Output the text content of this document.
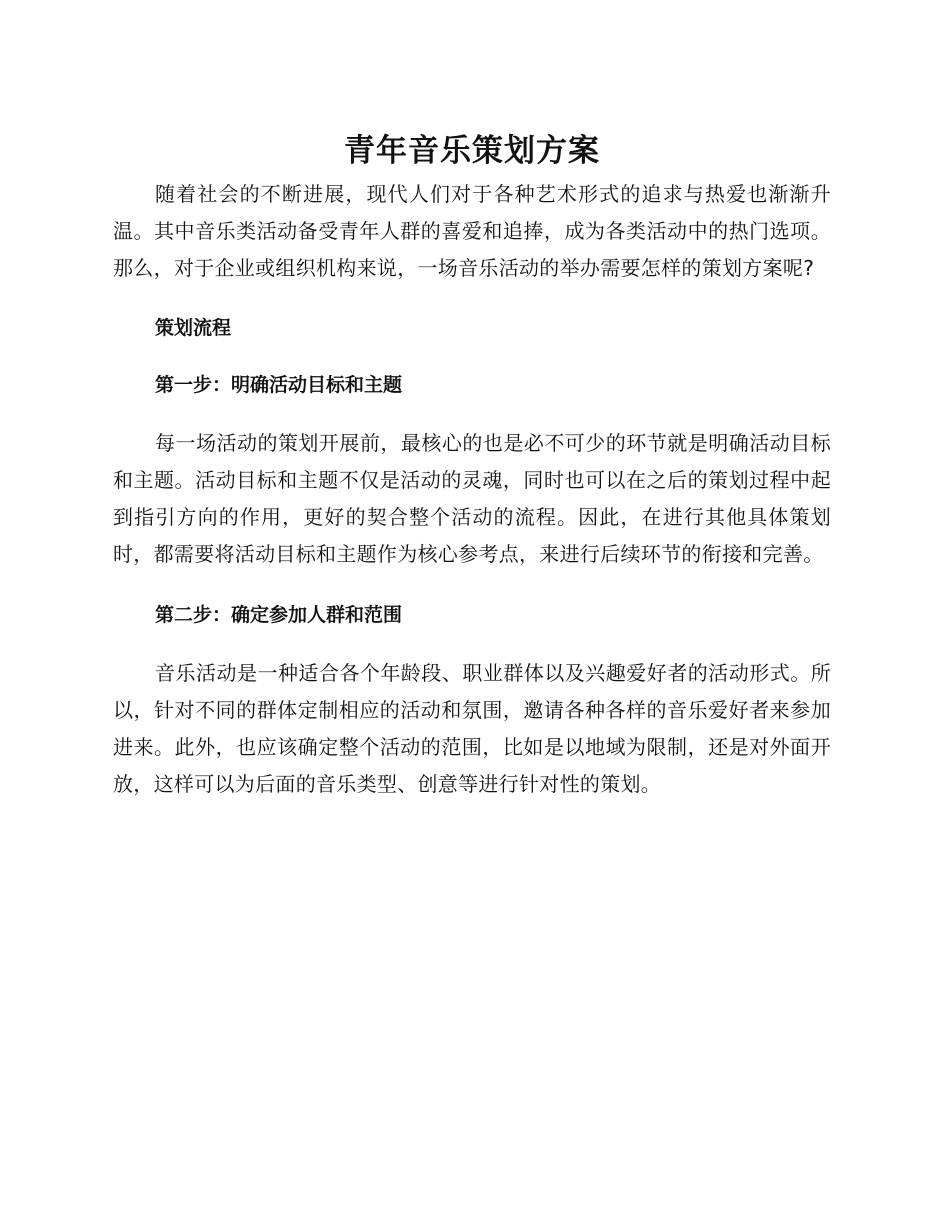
青年音乐策划方案

随着社会的不断进展，现代人们对于各种艺术形式的追求与热爱也渐渐升温。其中音乐类活动备受青年人群的喜爱和追捧，成为各类活动中的热门选项。那么，对于企业或组织机构来说，一场音乐活动的举办需要怎样的策划方案呢?

策划流程
第一步：明确活动目标和主题

每一场活动的策划开展前，最核心的也是必不可少的环节就是明确活动目标和主题。活动目标和主题不仅是活动的灵魂，同时也可以在之后的策划过程中起到指引方向的作用，更好的契合整个活动的流程。因此，在进行其他具体策划时，都需要将活动目标和主题作为核心参考点，来进行后续环节的衔接和完善。

第二步：确定参加人群和范围

音乐活动是一种适合各个年龄段、职业群体以及兴趣爱好者的活动形式。所以，针对不同的群体定制相应的活动和氛围，邀请各种各样的音乐爱好者来参加进来。此外，也应该确定整个活动的范围，比如是以地域为限制，还是对外面开放，这样可以为后面的音乐类型、创意等进行针对性的策划。
